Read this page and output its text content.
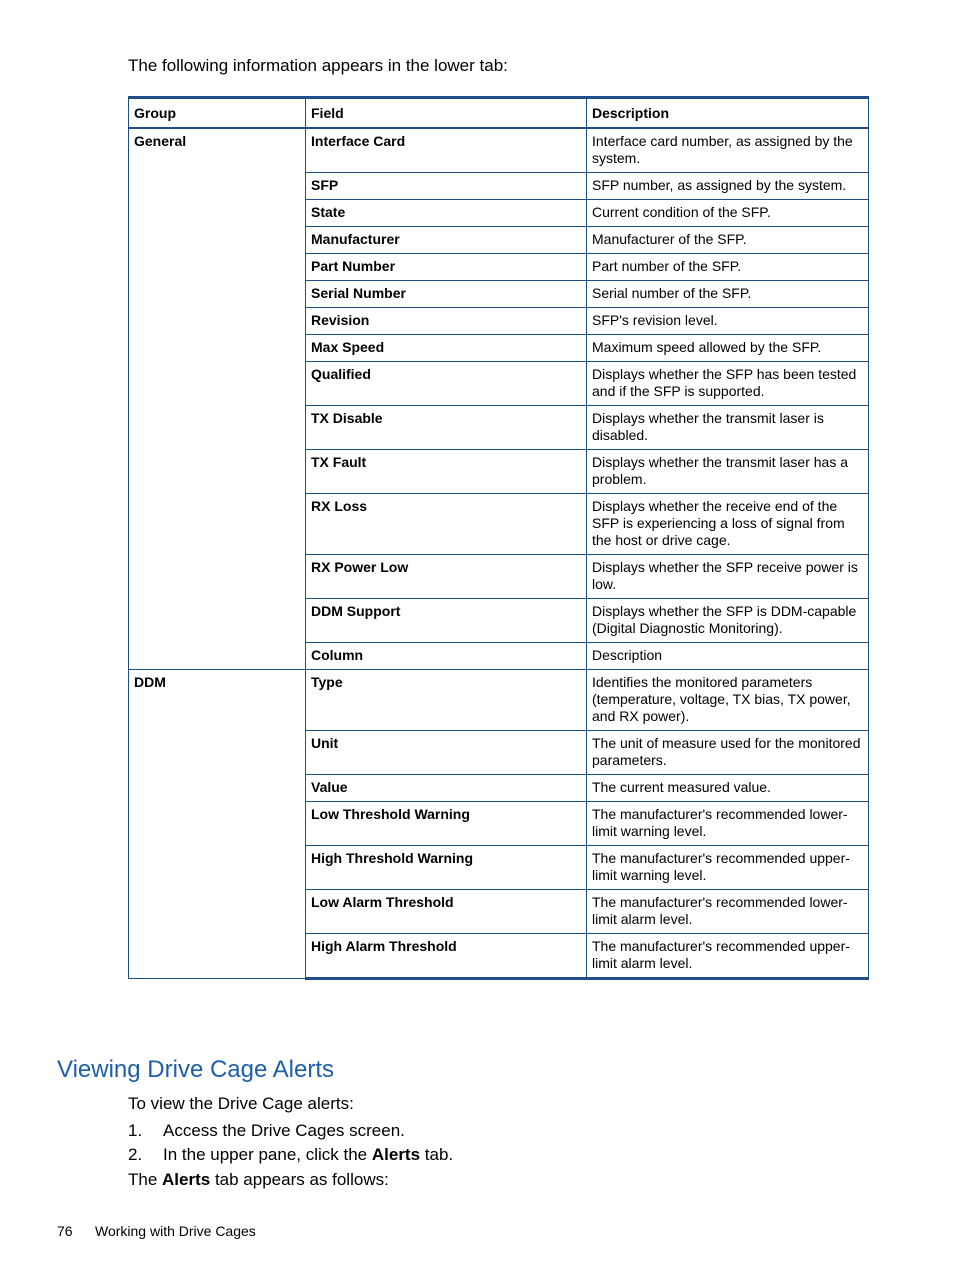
The following information appears in the lower tab:
Group	Field	Description
General	Interface Card	Interface card number, as assigned by the system.
	SFP	SFP number, as assigned by the system.
	State	Current condition of the SFP.
	Manufacturer	Manufacturer of the SFP.
	Part Number	Part number of the SFP.
	Serial Number	Serial number of the SFP.
	Revision	SFP's revision level.
	Max Speed	Maximum speed allowed by the SFP.
	Qualified	Displays whether the SFP has been tested and if the SFP is supported.
	TX Disable	Displays whether the transmit laser is disabled.
	TX Fault	Displays whether the transmit laser has a problem.
	RX Loss	Displays whether the receive end of the SFP is experiencing a loss of signal from the host or drive cage.
	RX Power Low	Displays whether the SFP receive power is low.
	DDM Support	Displays whether the SFP is DDM-capable (Digital Diagnostic Monitoring).
	Column	Description
DDM	Type	Identifies the monitored parameters (temperature, voltage, TX bias, TX power, and RX power).
	Unit	The unit of measure used for the monitored parameters.
	Value	The current measured value.
	Low Threshold Warning	The manufacturer's recommended lower-limit warning level.
	High Threshold Warning	The manufacturer's recommended upper-limit warning level.
	Low Alarm Threshold	The manufacturer's recommended lower-limit alarm level.
	High Alarm Threshold	The manufacturer's recommended upper-limit alarm level.
Viewing Drive Cage Alerts
To view the Drive Cage alerts:
1. Access the Drive Cages screen.
2. In the upper pane, click the Alerts tab.
The Alerts tab appears as follows:
76 Working with Drive Cages
